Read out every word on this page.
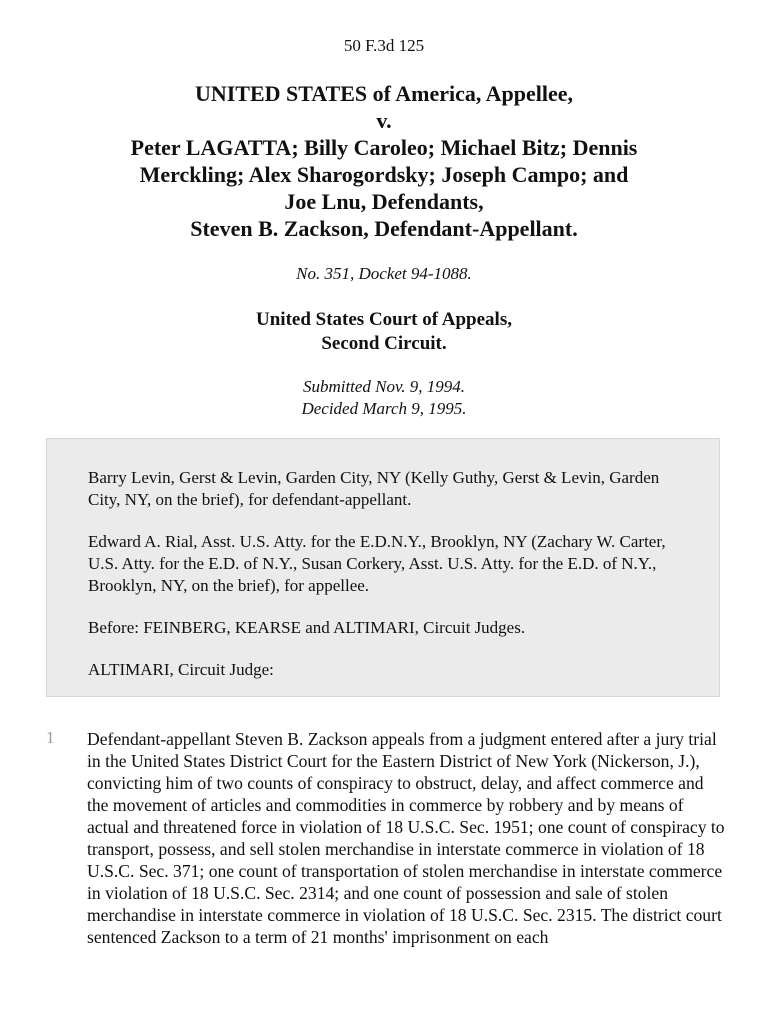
50 F.3d 125
UNITED STATES of America, Appellee,
v.
Peter LAGATTA; Billy Caroleo; Michael Bitz; Dennis
Merckling; Alex Sharogordsky; Joseph Campo; and
Joe Lnu, Defendants,
Steven B. Zackson, Defendant-Appellant.
No. 351, Docket 94-1088.
United States Court of Appeals,
Second Circuit.
Submitted Nov. 9, 1994.
Decided March 9, 1995.

Barry Levin, Gerst & Levin, Garden City, NY (Kelly Guthy, Gerst & Levin, Garden City, NY, on the brief), for defendant-appellant.

Edward A. Rial, Asst. U.S. Atty. for the E.D.N.Y., Brooklyn, NY (Zachary W. Carter, U.S. Atty. for the E.D. of N.Y., Susan Corkery, Asst. U.S. Atty. for the E.D. of N.Y., Brooklyn, NY, on the brief), for appellee.

Before: FEINBERG, KEARSE and ALTIMARI, Circuit Judges.

ALTIMARI, Circuit Judge:

1 Defendant-appellant Steven B. Zackson appeals from a judgment entered after a jury trial in the United States District Court for the Eastern District of New York (Nickerson, J.), convicting him of two counts of conspiracy to obstruct, delay, and affect commerce and the movement of articles and commodities in commerce by robbery and by means of actual and threatened force in violation of 18 U.S.C. Sec. 1951; one count of conspiracy to transport, possess, and sell stolen merchandise in interstate commerce in violation of 18 U.S.C. Sec. 371; one count of transportation of stolen merchandise in interstate commerce in violation of 18 U.S.C. Sec. 2314; and one count of possession and sale of stolen merchandise in interstate commerce in violation of 18 U.S.C. Sec. 2315. The district court sentenced Zackson to a term of 21 months' imprisonment on each
